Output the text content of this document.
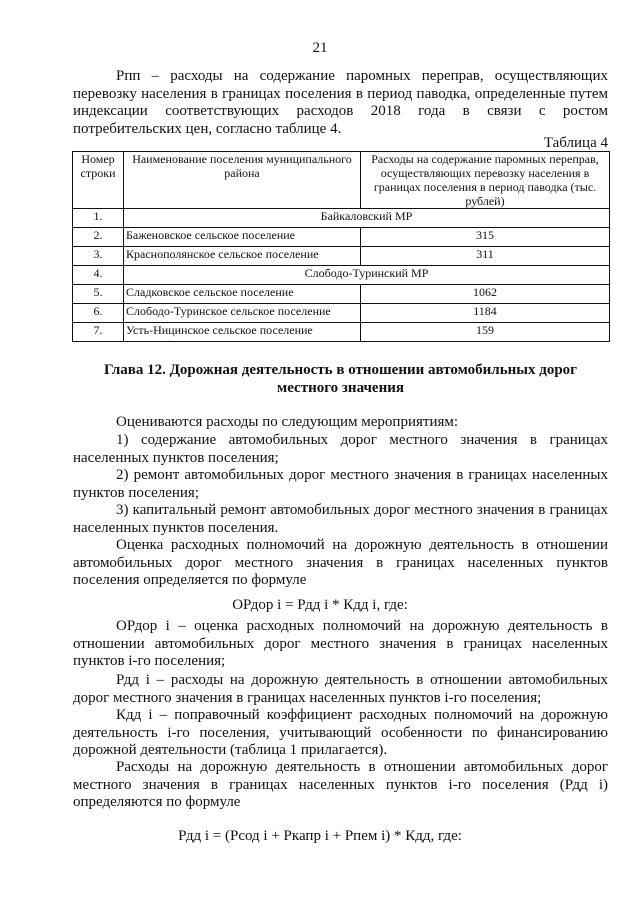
21
Рпп – расходы на содержание паромных переправ, осуществляющих перевозку населения в границах поселения в период паводка, определенные путем индексации соответствующих расходов 2018 года в связи с ростом потребительских цен, согласно таблице 4.
Таблица 4
Номер строки	Наименование поселения муниципального района	Расходы на содержание паромных переправ, осуществляющих перевозку населения в границах поселения в период паводка (тыс. рублей)
1.	Байкаловский МР	
2.	Баженовское сельское поселение	315
3.	Краснополянское сельское поселение	311
4.	Слободо-Туринский МР	
5.	Сладковское сельское поселение	1062
6.	Слободо-Туринское сельское поселение	1184
7.	Усть-Ницинское сельское поселение	159
Глава 12. Дорожная деятельность в отношении автомобильных дорог местного значения
Оцениваются расходы по следующим мероприятиям:
1) содержание автомобильных дорог местного значения в границах населенных пунктов поселения;
2) ремонт автомобильных дорог местного значения в границах населенных пунктов поселения;
3) капитальный ремонт автомобильных дорог местного значения в границах населенных пунктов поселения.
Оценка расходных полномочий на дорожную деятельность в отношении автомобильных дорог местного значения в границах населенных пунктов поселения определяется по формуле
ОРдор i = Рдд i * Кдд i, где:
ОРдор i – оценка расходных полномочий на дорожную деятельность в отношении автомобильных дорог местного значения в границах населенных пунктов i-го поселения;
Рдд i – расходы на дорожную деятельность в отношении автомобильных дорог местного значения в границах населенных пунктов i-го поселения;
Кдд i – поправочный коэффициент расходных полномочий на дорожную деятельность i-го поселения, учитывающий особенности по финансированию дорожной деятельности (таблица 1 прилагается).
Расходы на дорожную деятельность в отношении автомобильных дорог местного значения в границах населенных пунктов i-го поселения (Рдд i) определяются по формуле
Рдд i = (Рсод i + Ркапр i + Рпем i) * Кдд, где:
